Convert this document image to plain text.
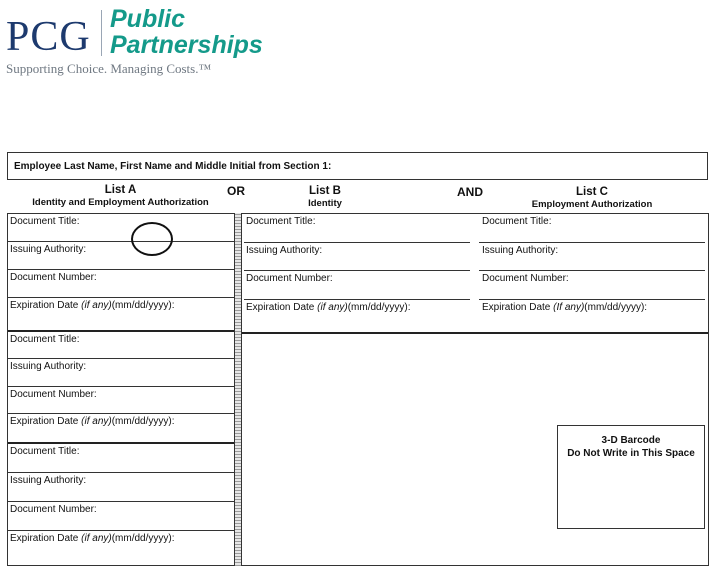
PCG Public
Partnerships
Supporting Choice. Managing Costs.™
Employee Last Name, First Name and Middle Initial from Section 1:
List A
Identity and Employment Authorization
OR	List B
Identity
AND	List C
Employment Authorization
Document Title:
Issuing Authority:
Document Number:
Expiration Date (if any)(mm/dd/yyyy):
Document Title:
Issuing Authority:
Document Number:
Expiration Date (if any)(mm/dd/yyyy):
Document Title:
Issuing Authority:
Document Number:
Expiration Date (if any)(mm/dd/yyyy):
Document Title:
Issuing Authority:
Document Number:
Expiration Date (if any)(mm/dd/yyyy):
Document Title:
Issuing Authority:
Document Number:
Expiration Date (If any)(mm/dd/yyyy):
3-D Barcode
Do Not Write in This Space
